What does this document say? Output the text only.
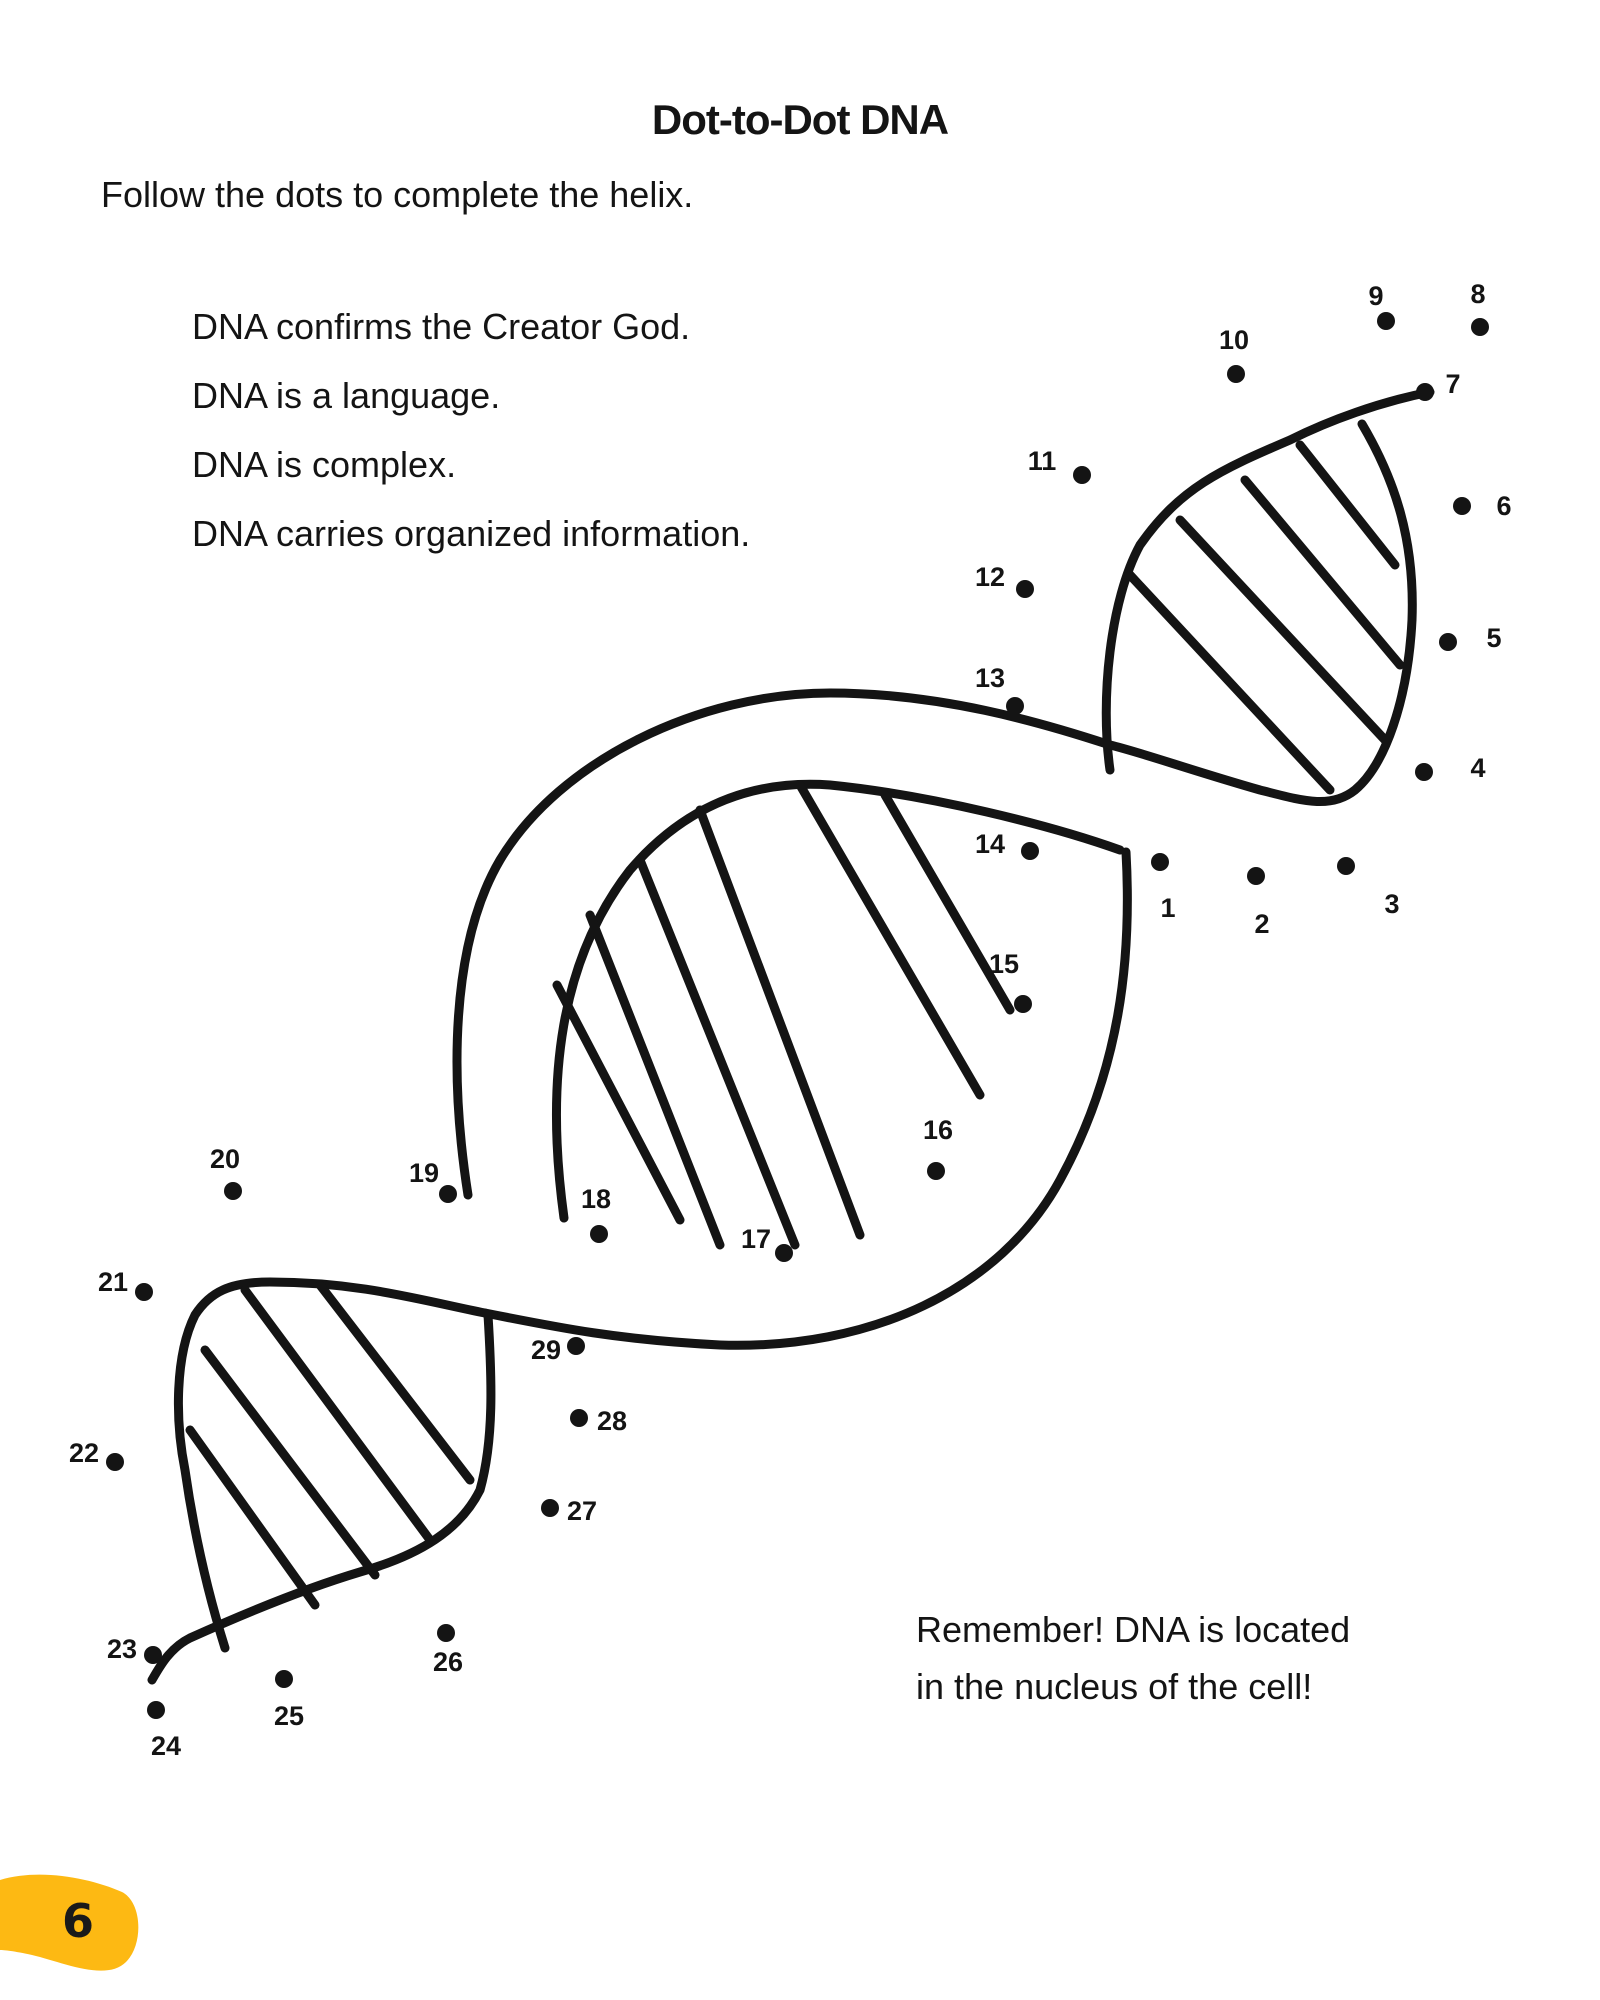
Dot-to-Dot DNA
Follow the dots to complete the helix.
DNA confirms the Creator God.
DNA is a language.
DNA is complex.
DNA carries organized information.
Remember! DNA is located
in the nucleus of the cell!
1
2
3
4
5
6
7
8
9
10
11
12
13
14
15
16
17
18
19
20
21
22
23
24
25
26
27
28
29
6
